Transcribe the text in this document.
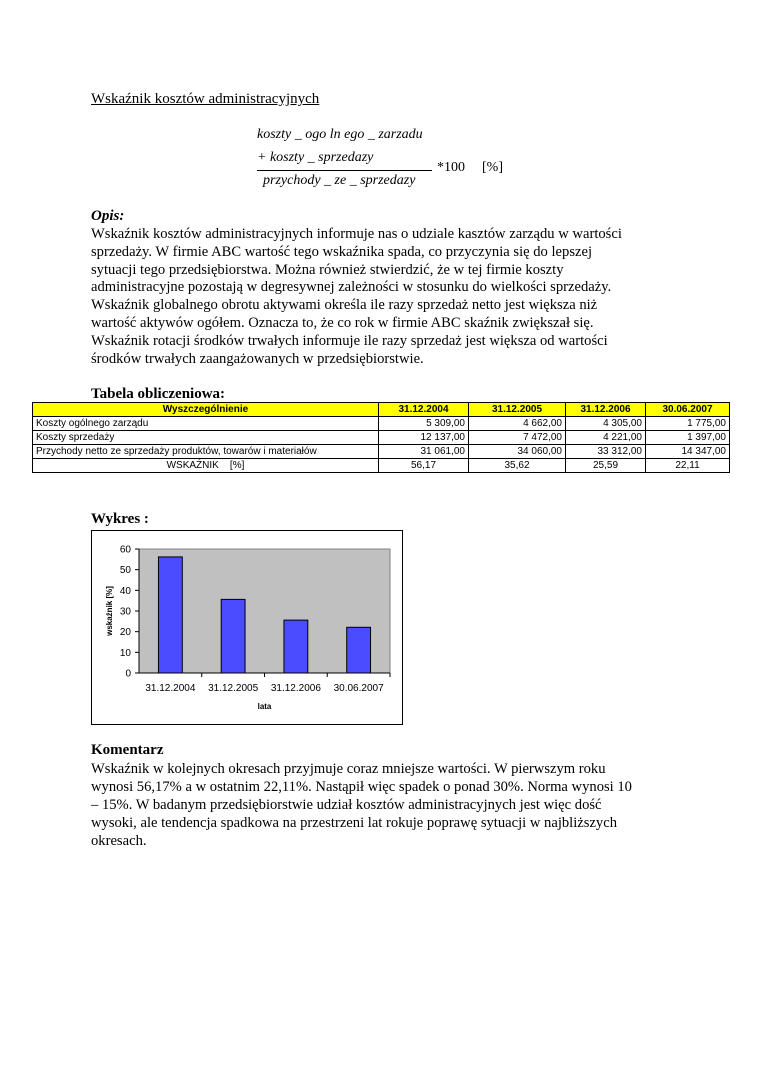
Wskaźnik kosztów administracyjnych
koszty _ ogo ln ego _ zarzadu
+ koszty _ sprzedazy
przychody _ ze _ sprzedazy
*100 [%]
Opis:

Wskaźnik kosztów administracyjnych informuje nas o udziale kasztów zarządu w wartości

sprzedaży. W firmie ABC wartość tego wskaźnika spada, co przyczynia się do lepszej

sytuacji tego przedsiębiorstwa. Można również stwierdzić, że w tej firmie koszty

administracyjne pozostają w degresywnej zależności w stosunku do wielkości sprzedaży.

Wskaźnik globalnego obrotu aktywami określa ile razy sprzedaż netto jest większa niż

wartość aktywów ogółem. Oznacza to, że co rok w firmie ABC skaźnik zwiększał się.

Wskaźnik rotacji środków trwałych informuje ile razy sprzedaż jest większa od wartości

środków trwałych zaangażowanych w przedsiębiorstwie.

Tabela obliczeniowa:
Wyszczególnienie	31.12.2004	31.12.2005	31.12.2006	30.06.2007
Koszty ogólnego zarządu	5 309,00	4 662,00	4 305,00	1 775,00
Koszty sprzedaży	12 137,00	7 472,00	4 221,00	1 397,00
Przychody netto ze sprzedaży produktów, towarów i materiałów	31 061,00	34 060,00	33 312,00	14 347,00
WSKAŹNIK    [%]	56,17	35,62	25,59	22,11
Wykres :
0
10
20
30
40
50
60
31.12.2004 31.12.2005 31.12.2006 30.06.2007
lata
wskaźnik [%]
Komentarz

Wskaźnik w kolejnych okresach przyjmuje coraz mniejsze wartości. W pierwszym roku

wynosi 56,17% a w ostatnim 22,11%. Nastąpił więc spadek o ponad 30%. Norma wynosi 10

– 15%. W badanym przedsiębiorstwie udział kosztów administracyjnych jest więc dość

wysoki, ale tendencja spadkowa na przestrzeni lat rokuje poprawę sytuacji w najbliższych

okresach.
